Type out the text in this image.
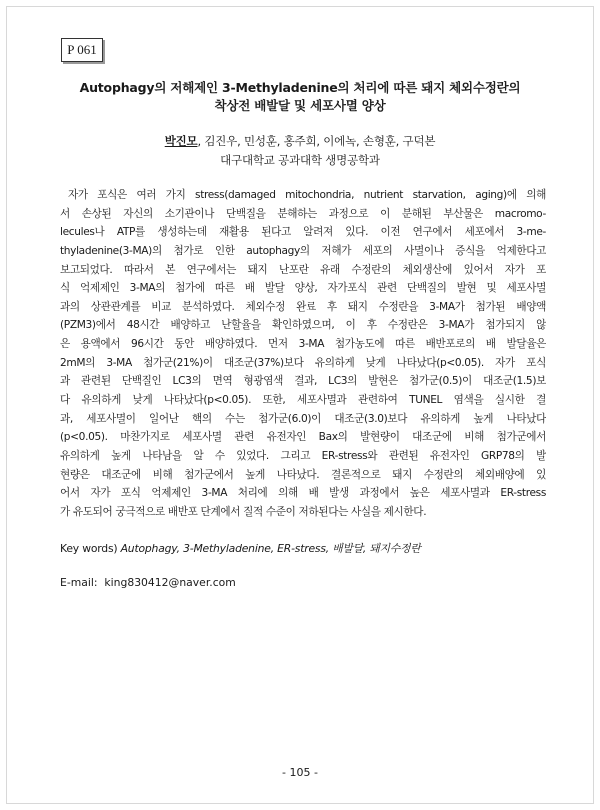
P 061
Autophagy의 저해제인 3-Methyladenine의 처리에 따른 돼지 체외수정란의
착상전 배발달 및 세포사멸 양상
박진모, 김진우, 민성훈, 홍주희, 이에녹, 손형훈, 구덕본
대구대학교 공과대학 생명공학과
자가 포식은 여러 가지 stress(damaged mitochondria, nutrient starvation, aging)에 의해
서 손상된 자신의 소기관이나 단백질을 분해하는 과정으로 이 분해된 부산물은 macromo-
lecules나 ATP를 생성하는데 재활용 된다고 알려져 있다. 이전 연구에서 세포에서 3-me-
thyladenine(3-MA)의 첨가로 인한 autophagy의 저해가 세포의 사멸이나 증식을 억제한다고
보고되었다. 따라서 본 연구에서는 돼지 난포란 유래 수정란의 체외생산에 있어서 자가 포
식 억제제인 3-MA의 첨가에 따른 배 발달 양상, 자가포식 관련 단백질의 발현 및 세포사멸
과의 상관관계를 비교 분석하였다. 체외수정 완료 후 돼지 수정란을 3-MA가 첨가된 배양액
(PZM3)에서 48시간 배양하고 난할율을 확인하였으며, 이 후 수정란은 3-MA가 첨가되지 않
은 용액에서 96시간 동안 배양하였다. 먼저 3-MA 첨가농도에 따른 배반포로의 배 발달율은
2mM의 3-MA 첨가군(21%)이 대조군(37%)보다 유의하게 낮게 나타났다(p<0.05). 자가 포식
과 관련된 단백질인 LC3의 면역 형광염색 결과, LC3의 발현은 첨가군(0.5)이 대조군(1.5)보
다 유의하게 낮게 나타났다(p<0.05). 또한, 세포사멸과 관련하여 TUNEL 염색을 실시한 결
과, 세포사멸이 일어난 핵의 수는 첨가군(6.0)이 대조군(3.0)보다 유의하게 높게 나타났다
(p<0.05). 마찬가지로 세포사멸 관련 유전자인 Bax의 발현량이 대조군에 비해 첨가군에서
유의하게 높게 나타남을 알 수 있었다. 그리고 ER-stress와 관련된 유전자인 GRP78의 발
현량은 대조군에 비해 첨가군에서 높게 나타났다. 결론적으로 돼지 수정란의 체외배양에 있
어서 자가 포식 억제제인 3-MA 처리에 의해 배 발생 과정에서 높은 세포사멸과 ER-stress
가 유도되어 궁극적으로 배반포 단계에서 질적 수준이 저하된다는 사실을 제시한다.
Key words) Autophagy, 3-Methyladenine, ER-stress, 배발달, 돼지수정란
E-mail: king830412@naver.com
- 105 -
